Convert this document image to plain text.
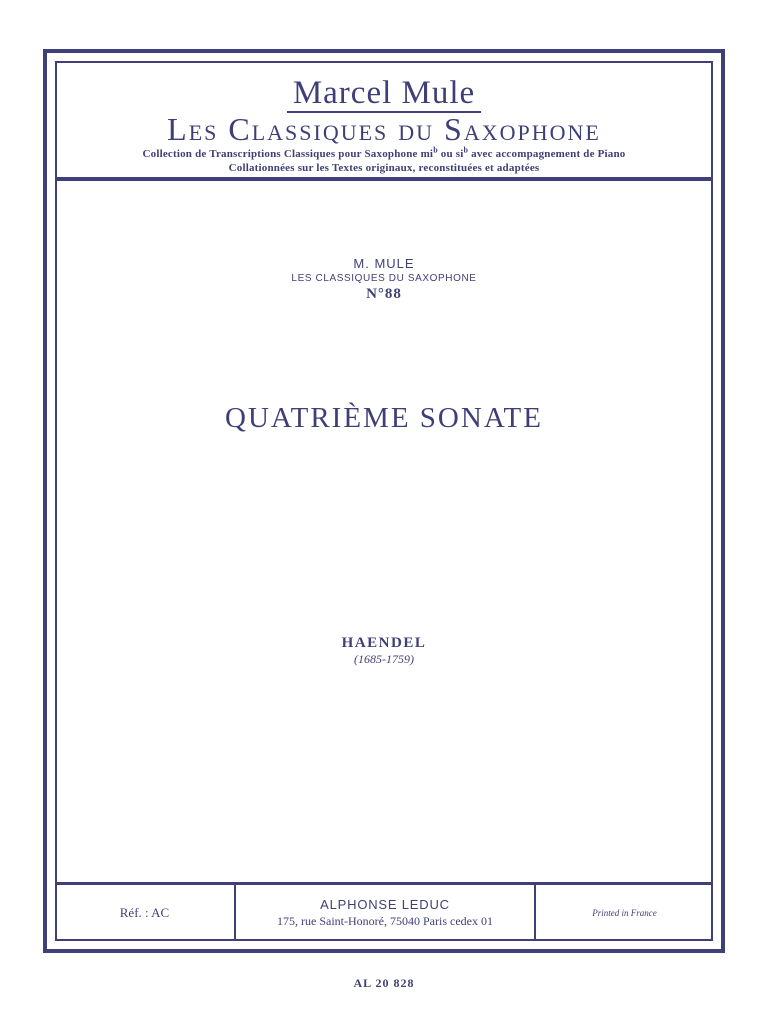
Marcel Mule
Les Classiques du Saxophone
Collection de Transcriptions Classiques pour Saxophone $mi^b$ ou $si^b$ avec accompagnement de Piano
Collationnées sur les Textes originaux, reconstituées et adaptées
M. MULE
LES CLASSIQUES DU SAXOPHONE
N°88
QUATRIÈME SONATE
HAENDEL
(1685-1759)
Réf. : AC
ALPHONSE LEDUC
175, rue Saint-Honoré, 75040 Paris cedex 01
Printed in France
AL 20 828
